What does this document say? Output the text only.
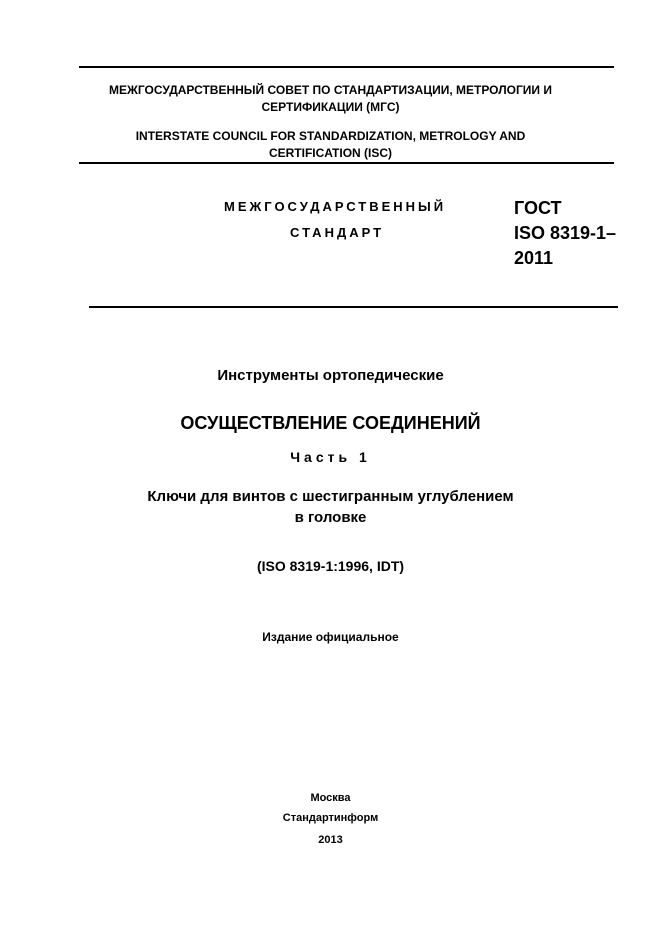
МЕЖГОСУДАРСТВЕННЫЙ СОВЕТ ПО СТАНДАРТИЗАЦИИ, МЕТРОЛОГИИ И
СЕРТИФИКАЦИИ (МГС)
INTERSTATE COUNCIL FOR STANDARDIZATION, METROLOGY AND
CERTIFICATION (ISC)
МЕЖГОСУДАРСТВЕННЫЙ
СТАНДАРТ
ГОСТ
ISO 8319-1–
2011
Инструменты ортопедические
ОСУЩЕСТВЛЕНИЕ СОЕДИНЕНИЙ
Часть 1
Ключи для винтов с шестигранным углублением
в головке
(ISO 8319-1:1996, IDT)
Издание официальное
Москва
Стандартинформ
2013
